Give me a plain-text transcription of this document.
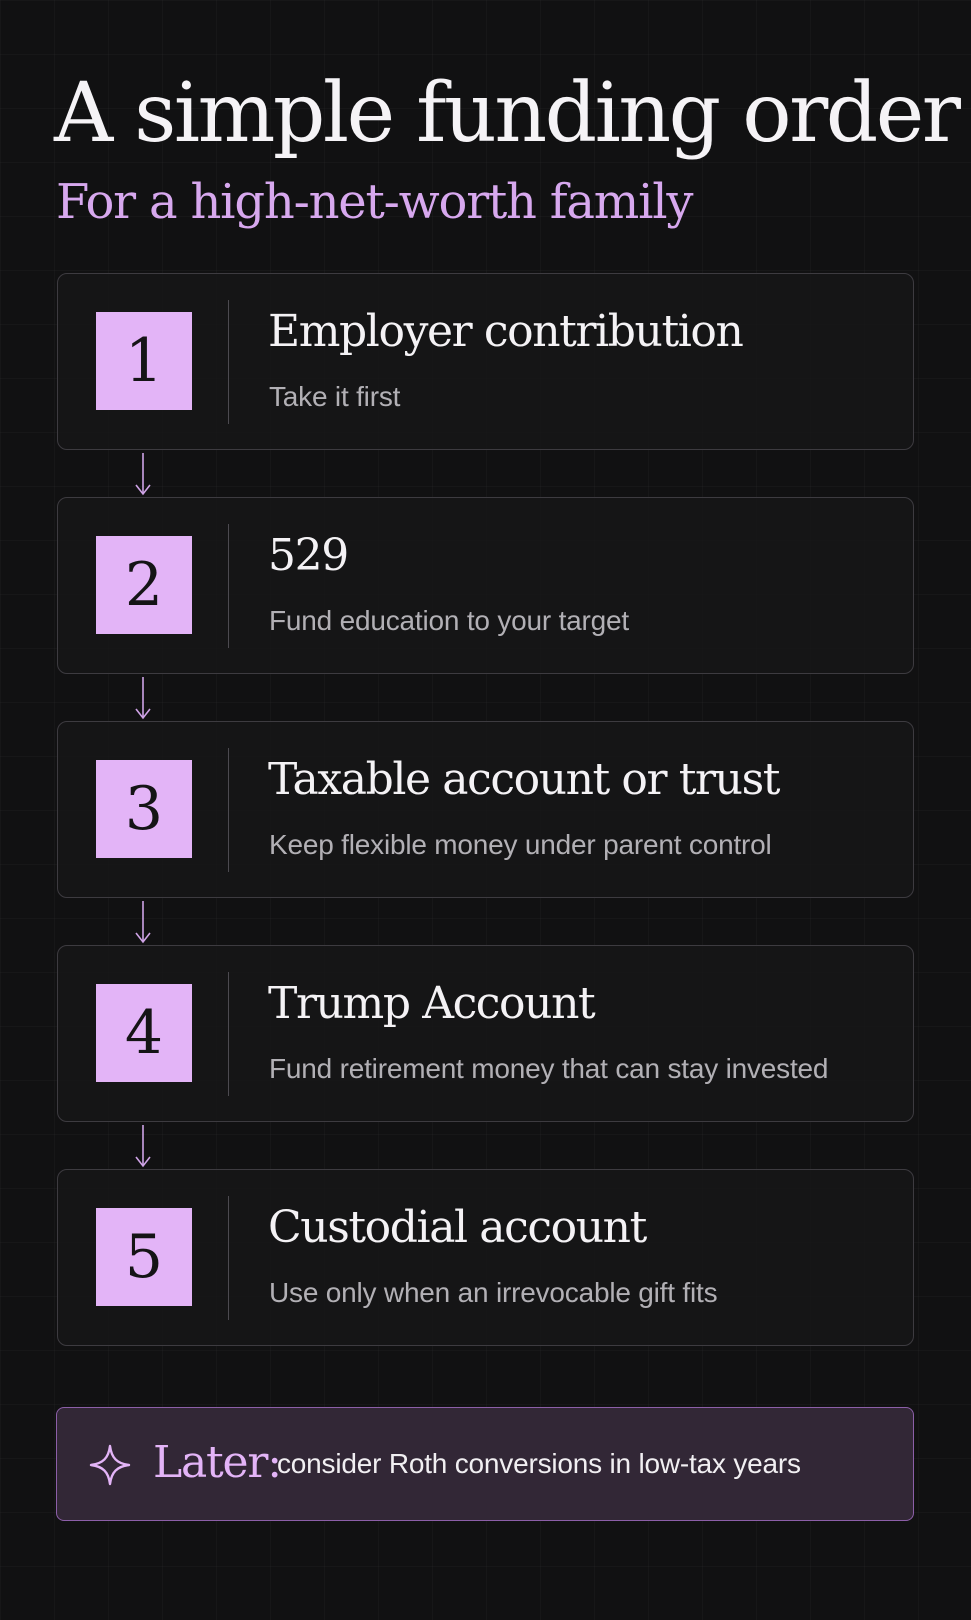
A simple funding order
For a high-net-worth family
1	Employer contribution

Take it first

2	529

Fund education to your target

3	Taxable account or trust

Keep flexible money under parent control

4	Trump Account

Fund retirement money that can stay invested

5	Custodial account

Use only when an irrevocable gift fits

Later:

consider Roth conversions in low-tax years
